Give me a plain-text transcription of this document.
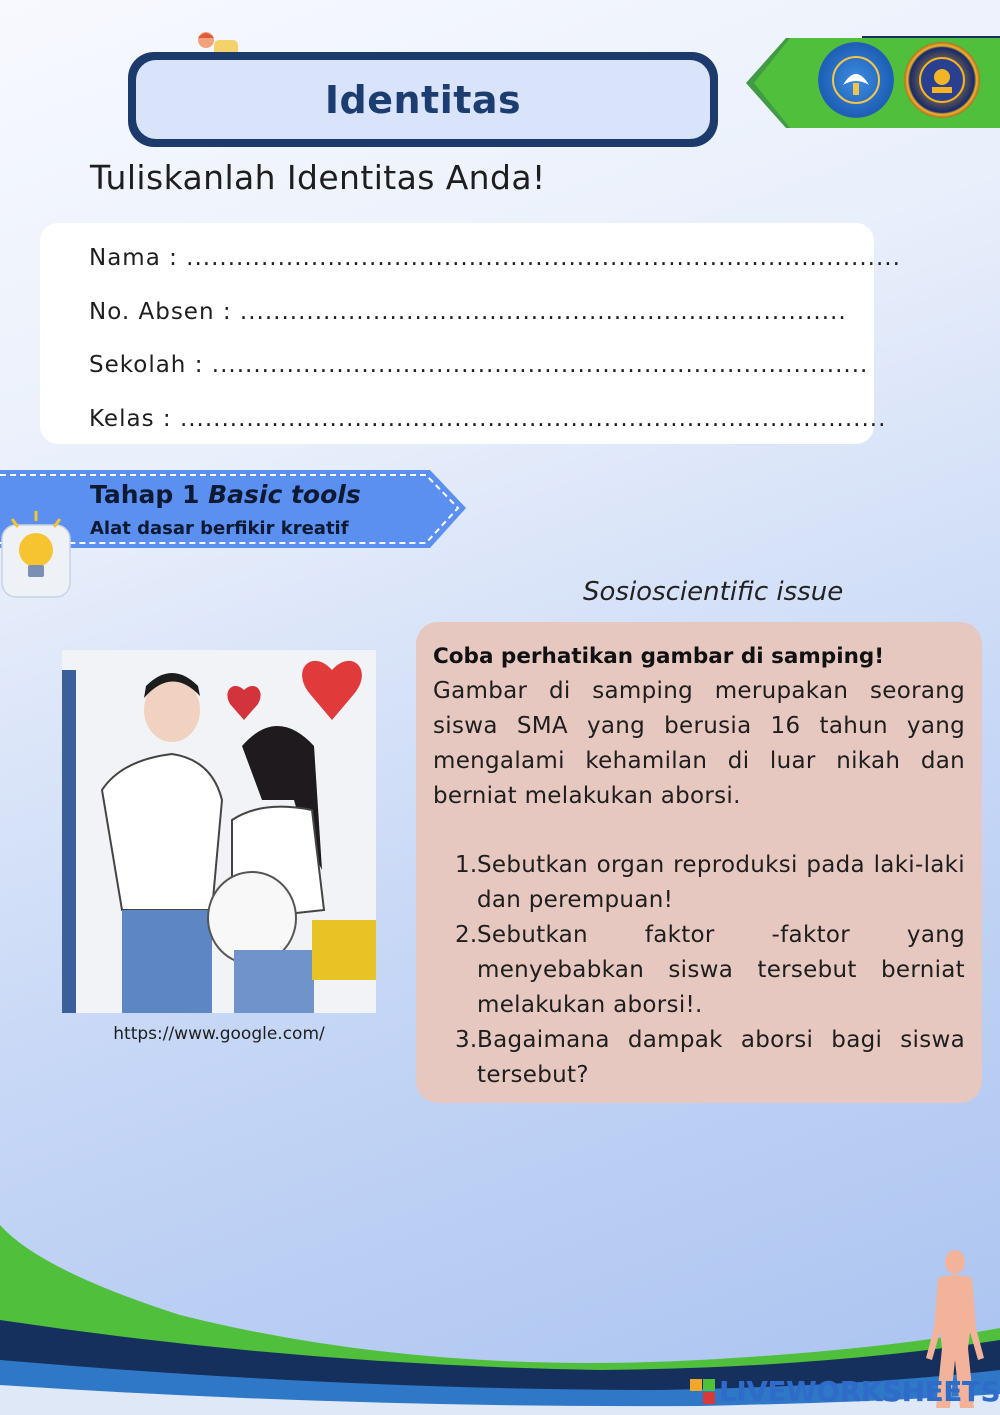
Identitas
Tuliskanlah Identitas Anda!
Nama : ......................................................................................
No. Absen : .........................................................................
Sekolah : ...............................................................................
Kelas : .....................................................................................
Tahap 1 Basic tools
Alat dasar berfikir kreatif
Sosioscientific issue
https://www.google.com/
Coba perhatikan gambar di samping!
Gambar di samping merupakan seorang siswa SMA yang berusia 16 tahun yang mengalami kehamilan di luar nikah dan berniat melakukan aborsi.
1. Sebutkan organ reproduksi pada laki-laki dan perempuan!
2. Sebutkan faktor -faktor yang menyebabkan siswa tersebut berniat melakukan aborsi!.
3. Bagaimana dampak aborsi bagi siswa tersebut?
LIVEWORKSHEETS
